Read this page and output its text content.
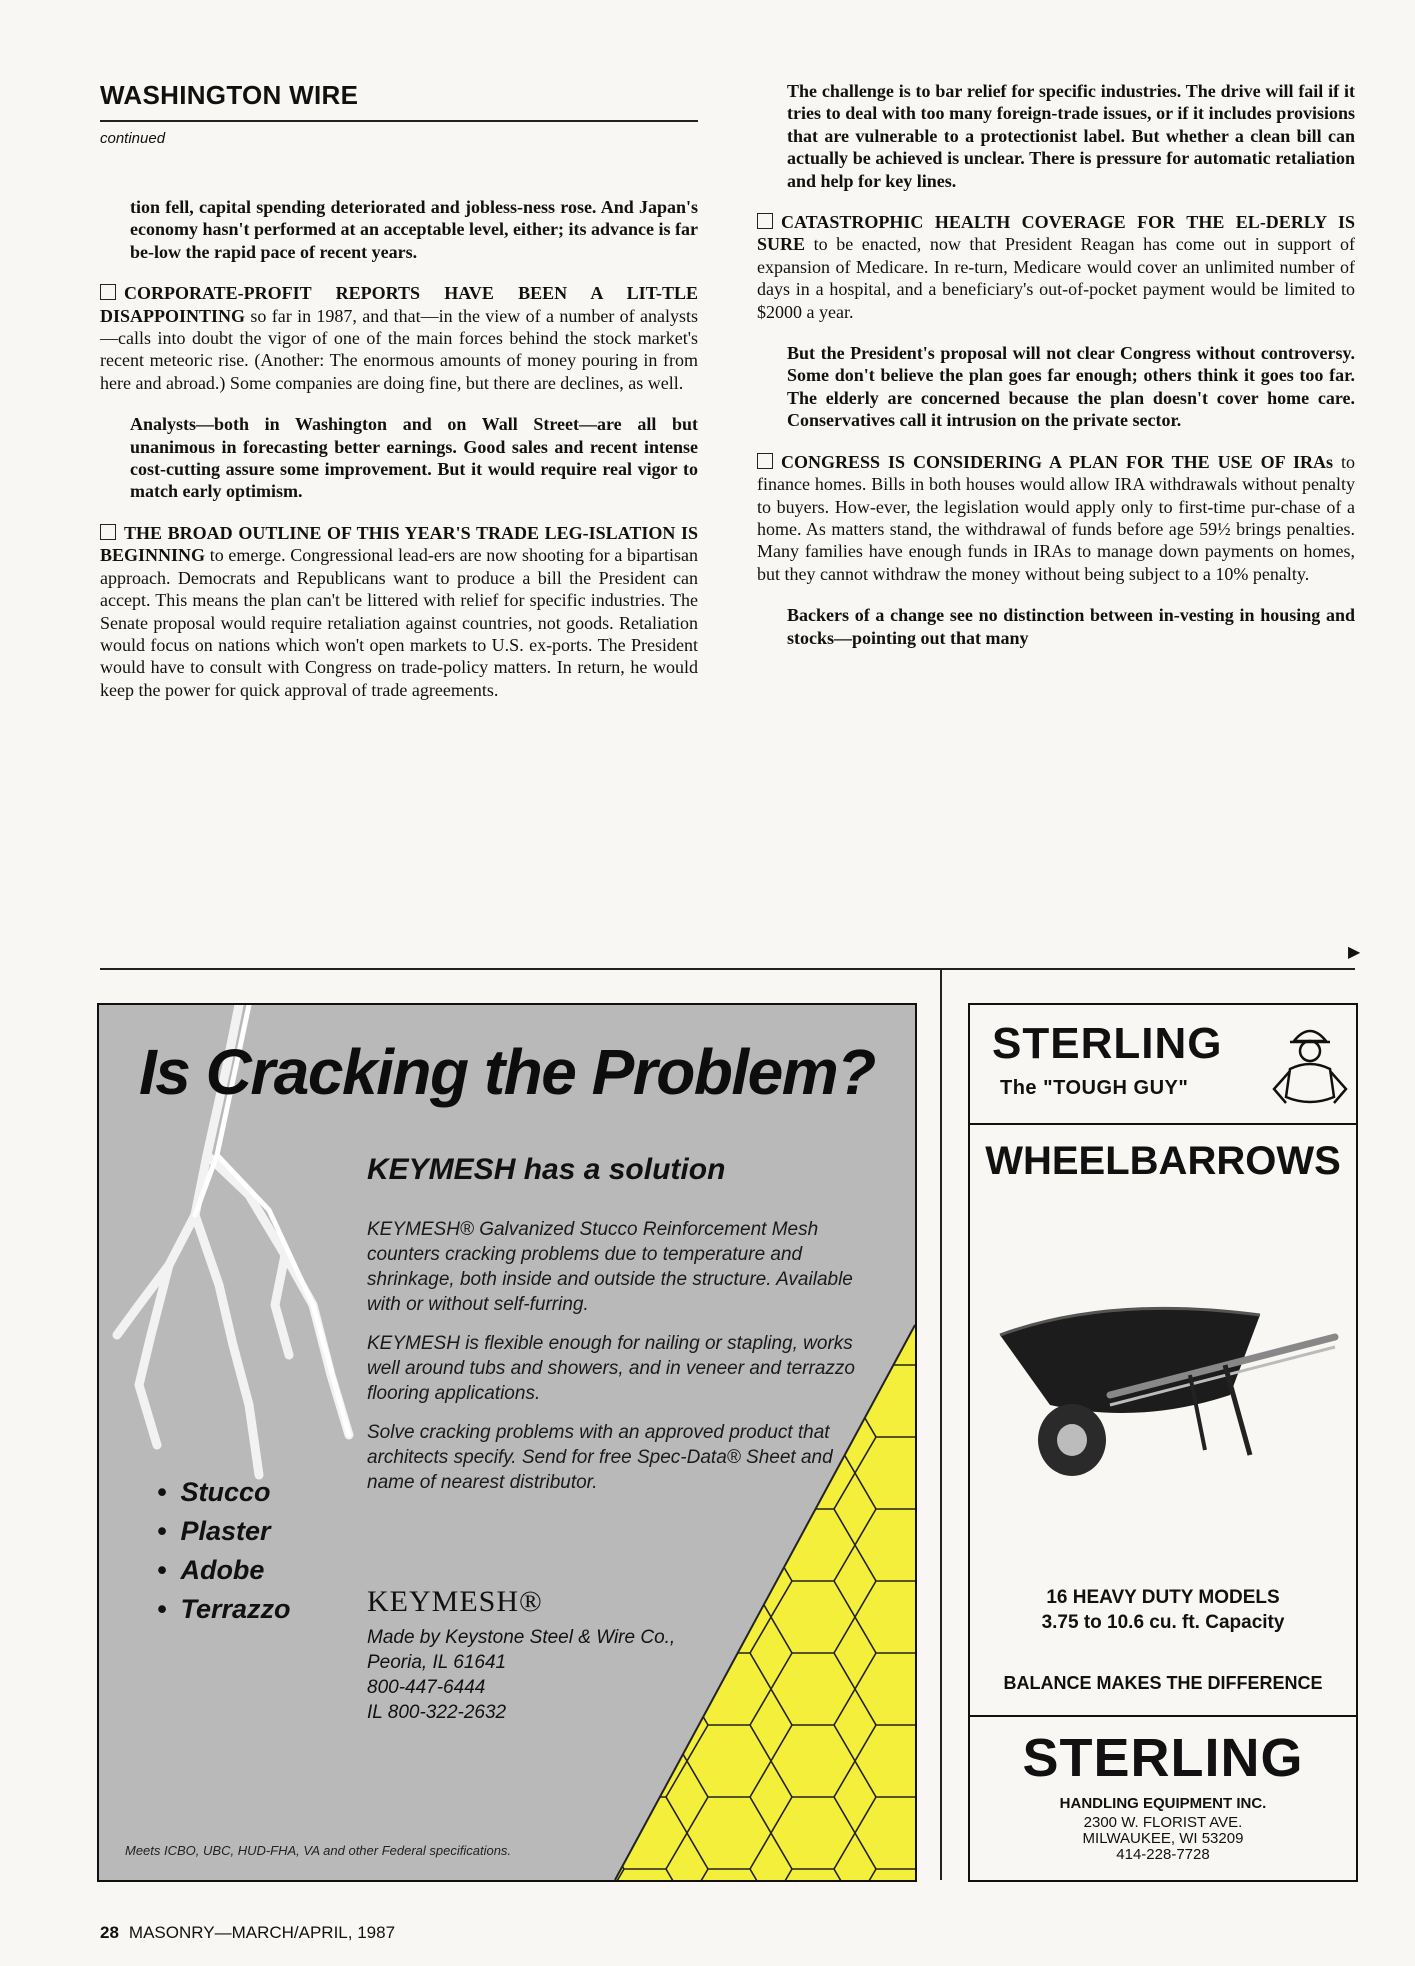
WASHINGTON WIRE
continued

tion fell, capital spending deteriorated and jobless-ness rose. And Japan's economy hasn't performed at an acceptable level, either; its advance is far be-low the rapid pace of recent years.

CORPORATE-PROFIT REPORTS HAVE BEEN A LIT-TLE DISAPPOINTING so far in 1987, and that—in the view of a number of analysts—calls into doubt the vigor of one of the main forces behind the stock market's recent meteoric rise. (Another: The enormous amounts of money pouring in from here and abroad.) Some companies are doing fine, but there are declines, as well.

Analysts—both in Washington and on Wall Street—are all but unanimous in forecasting better earnings. Good sales and recent intense cost-cutting assure some improvement. But it would require real vigor to match early optimism.

THE BROAD OUTLINE OF THIS YEAR'S TRADE LEG-ISLATION IS BEGINNING to emerge. Congressional lead-ers are now shooting for a bipartisan approach. Democrats and Republicans want to produce a bill the President can accept. This means the plan can't be littered with relief for specific industries. The Senate proposal would require retaliation against countries, not goods. Retaliation would focus on nations which won't open markets to U.S. ex-ports. The President would have to consult with Congress on trade-policy matters. In return, he would keep the power for quick approval of trade agreements.

The challenge is to bar relief for specific industries. The drive will fail if it tries to deal with too many foreign-trade issues, or if it includes provisions that are vulnerable to a protectionist label. But whether a clean bill can actually be achieved is unclear. There is pressure for automatic retaliation and help for key lines.

CATASTROPHIC HEALTH COVERAGE FOR THE EL-DERLY IS SURE to be enacted, now that President Reagan has come out in support of expansion of Medicare. In re-turn, Medicare would cover an unlimited number of days in a hospital, and a beneficiary's out-of-pocket payment would be limited to $2000 a year.

But the President's proposal will not clear Congress without controversy. Some don't believe the plan goes far enough; others think it goes too far. The elderly are concerned because the plan doesn't cover home care. Conservatives call it intrusion on the private sector.

CONGRESS IS CONSIDERING A PLAN FOR THE USE OF IRAs to finance homes. Bills in both houses would allow IRA withdrawals without penalty to buyers. How-ever, the legislation would apply only to first-time pur-chase of a home. As matters stand, the withdrawal of funds before age 59½ brings penalties. Many families have enough funds in IRAs to manage down payments on homes, but they cannot withdraw the money without being subject to a 10% penalty.

Backers of a change see no distinction between in-vesting in housing and stocks—pointing out that many

▶
Is Cracking the Problem?
KEYMESH has a solution

KEYMESH® Galvanized Stucco Reinforcement Mesh counters cracking problems due to temperature and shrinkage, both inside and outside the structure. Available with or without self-furring.

KEYMESH is flexible enough for nailing or stapling, works well around tubs and showers, and in veneer and terrazzo flooring applications.

Solve cracking problems with an approved product that architects specify. Send for free Spec-Data® Sheet and name of nearest distributor.

• Stucco
• Plaster
• Adobe
• Terrazzo	KEYMESH®
Made by Keystone Steel & Wire Co.,
Peoria, IL 61641
800-447-6444
IL 800-322-2632
Meets ICBO, UBC, HUD-FHA, VA and other Federal specifications.
STERLING
The "TOUGH GUY"
WHEELBARROWS
16 HEAVY DUTY MODELS
3.75 to 10.6 cu. ft. Capacity
BALANCE MAKES THE DIFFERENCE
STERLING
HANDLING EQUIPMENT INC.
2300 W. FLORIST AVE.
MILWAUKEE, WI 53209
414-228-7728
28 MASONRY—MARCH/APRIL, 1987
